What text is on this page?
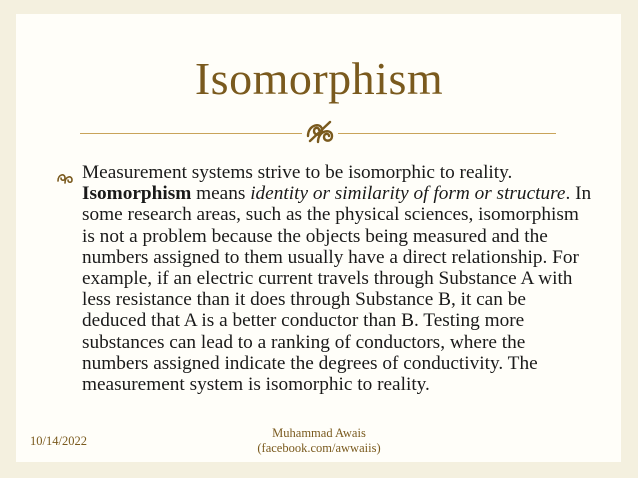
Isomorphism
Measurement systems strive to be isomorphic to reality. Isomorphism means identity or similarity of form or structure. In some research areas, such as the physical sciences, isomorphism is not a problem because the objects being measured and the numbers assigned to them usually have a direct relationship. For example, if an electric current travels through Substance A with less resistance than it does through Substance B, it can be deduced that A is a better conductor than B. Testing more substances can lead to a ranking of conductors, where the numbers assigned indicate the degrees of conductivity. The measurement system is isomorphic to reality.
10/14/2022
Muhammad Awais
(facebook.com/awwaiis)
